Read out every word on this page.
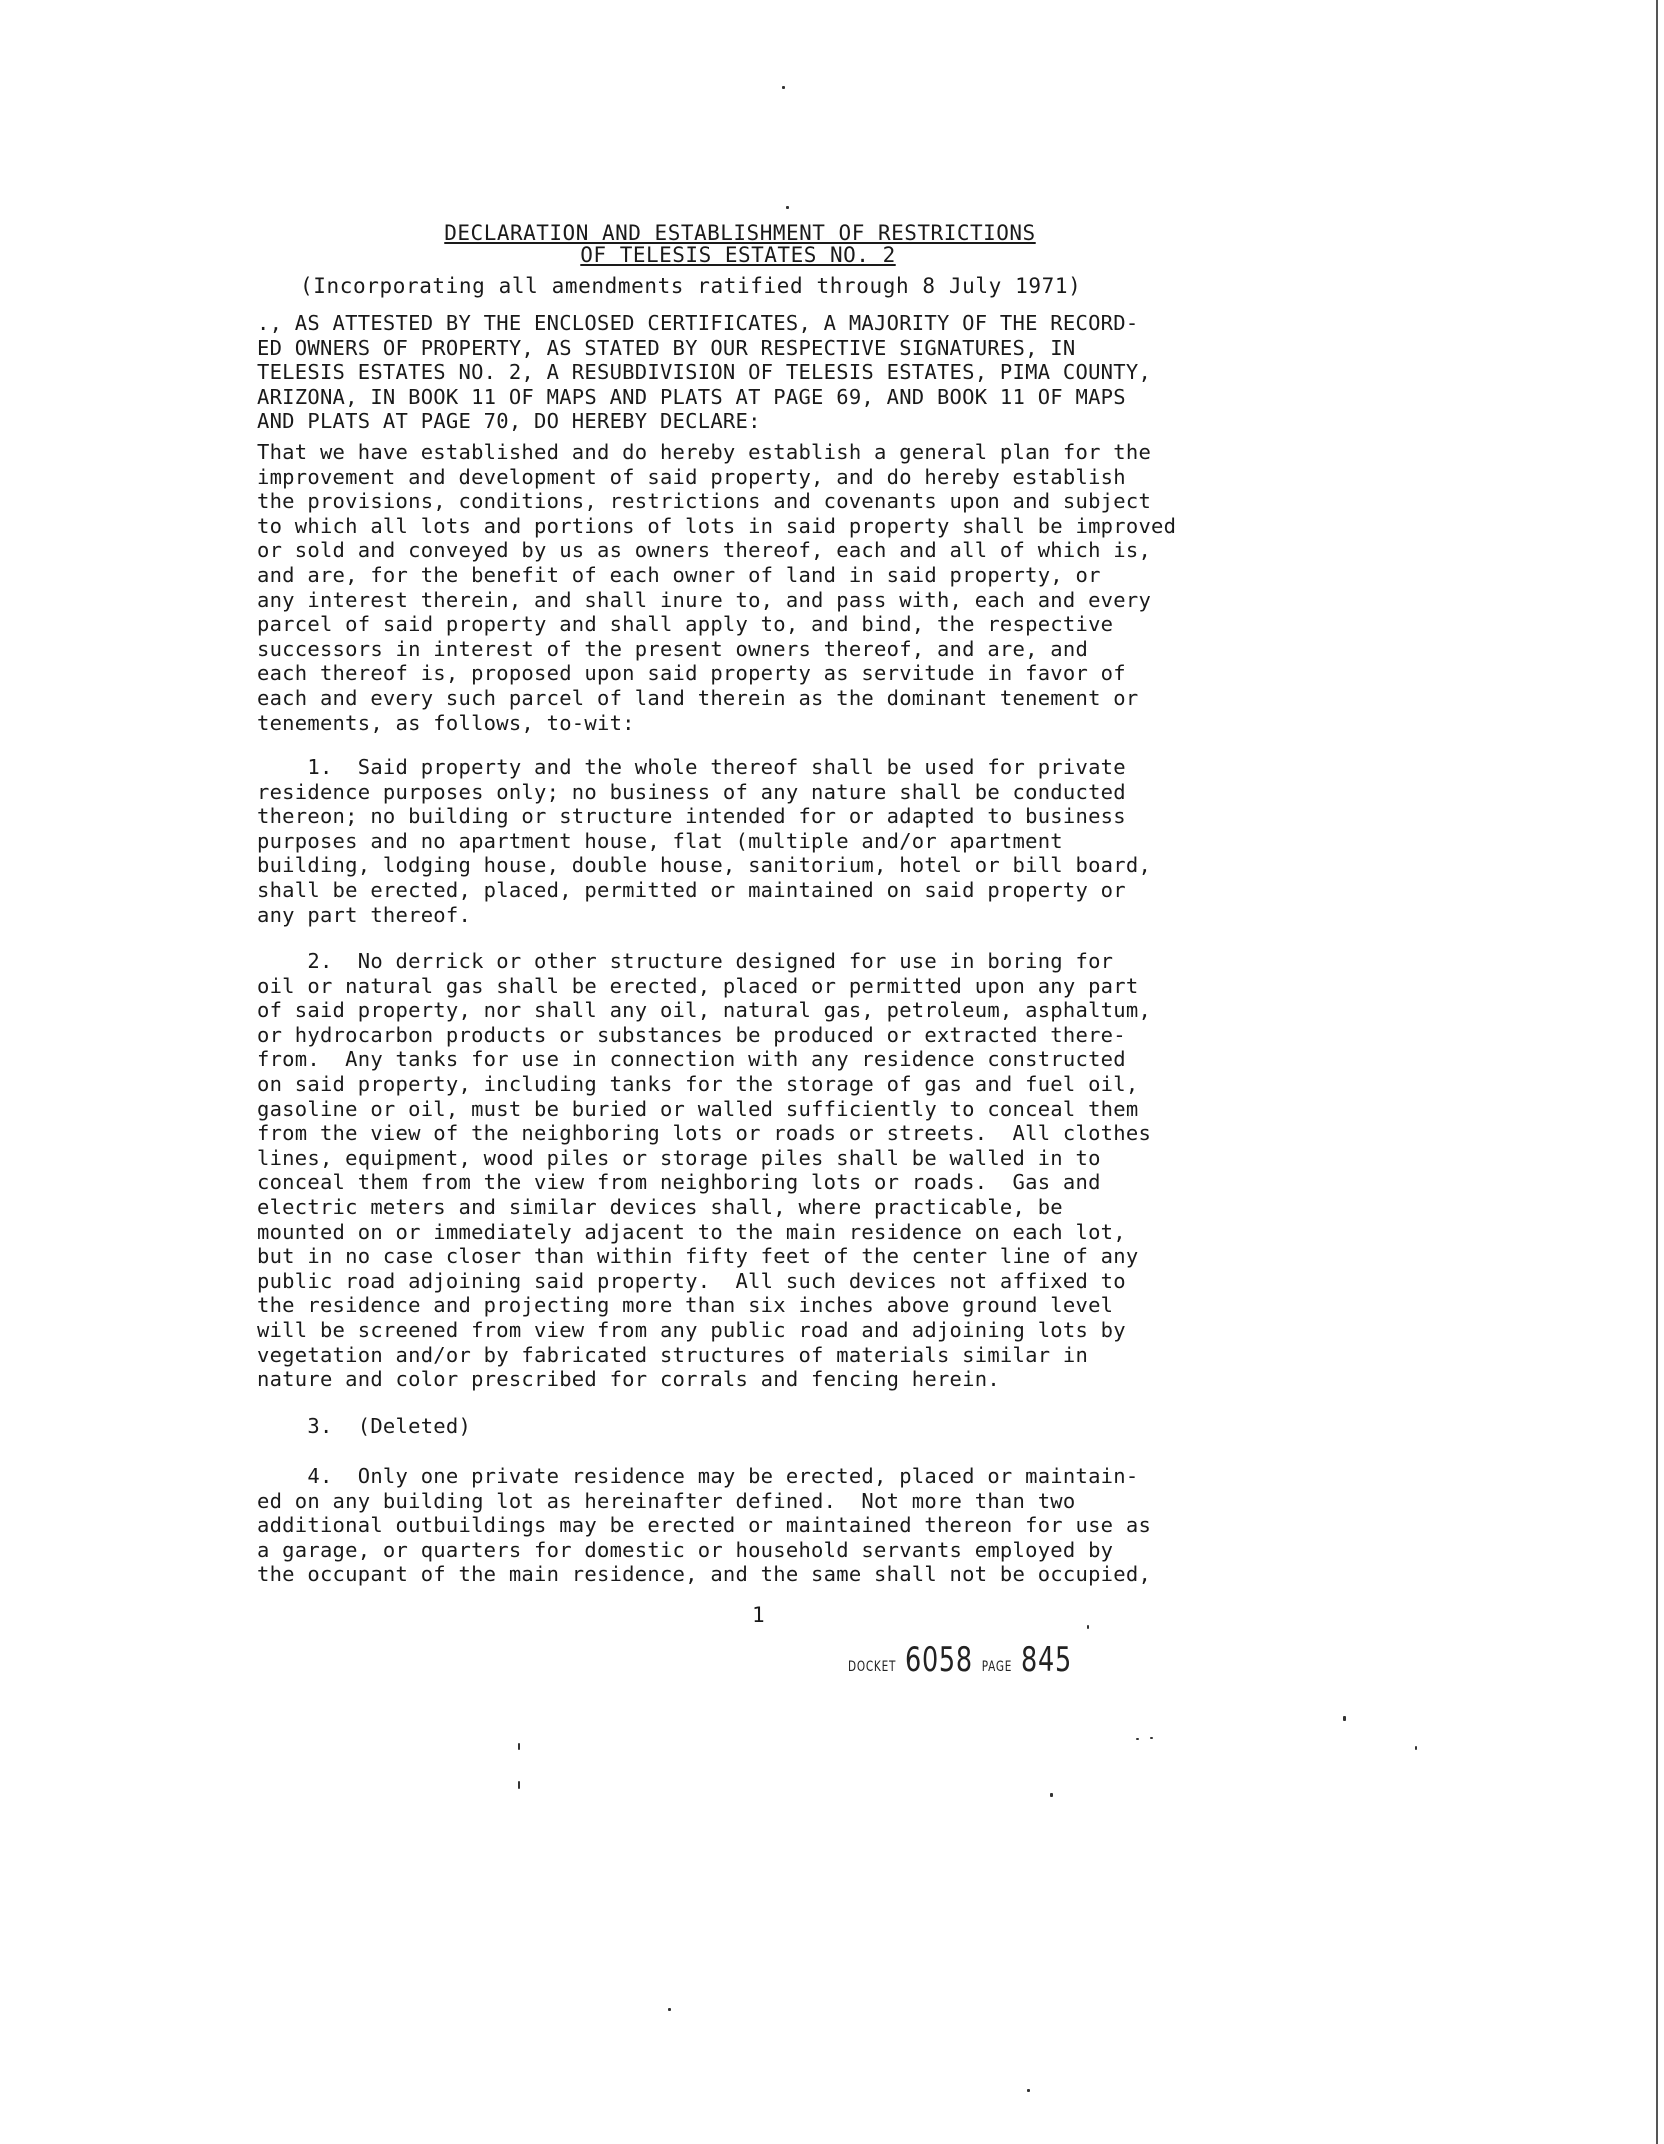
DECLARATION AND ESTABLISHMENT OF RESTRICTIONS
OF TELESIS ESTATES NO. 2
(Incorporating all amendments ratified through 8 July 1971)
., AS ATTESTED BY THE ENCLOSED CERTIFICATES, A MAJORITY OF THE RECORD-
ED OWNERS OF PROPERTY, AS STATED BY OUR RESPECTIVE SIGNATURES, IN
TELESIS ESTATES NO. 2, A RESUBDIVISION OF TELESIS ESTATES, PIMA COUNTY,
ARIZONA, IN BOOK 11 OF MAPS AND PLATS AT PAGE 69, AND BOOK 11 OF MAPS
AND PLATS AT PAGE 70, DO HEREBY DECLARE:
That we have established and do hereby establish a general plan for the
improvement and development of said property, and do hereby establish
the provisions, conditions, restrictions and covenants upon and subject
to which all lots and portions of lots in said property shall be improved
or sold and conveyed by us as owners thereof, each and all of which is,
and are, for the benefit of each owner of land in said property, or
any interest therein, and shall inure to, and pass with, each and every
parcel of said property and shall apply to, and bind, the respective
successors in interest of the present owners thereof, and are, and
each thereof is, proposed upon said property as servitude in favor of
each and every such parcel of land therein as the dominant tenement or
tenements, as follows, to-wit:
1.  Said property and the whole thereof shall be used for private
residence purposes only; no business of any nature shall be conducted
thereon; no building or structure intended for or adapted to business
purposes and no apartment house, flat (multiple and/or apartment
building, lodging house, double house, sanitorium, hotel or bill board,
shall be erected, placed, permitted or maintained on said property or
any part thereof.
2.  No derrick or other structure designed for use in boring for
oil or natural gas shall be erected, placed or permitted upon any part
of said property, nor shall any oil, natural gas, petroleum, asphaltum,
or hydrocarbon products or substances be produced or extracted there-
from.  Any tanks for use in connection with any residence constructed
on said property, including tanks for the storage of gas and fuel oil,
gasoline or oil, must be buried or walled sufficiently to conceal them
from the view of the neighboring lots or roads or streets.  All clothes
lines, equipment, wood piles or storage piles shall be walled in to
conceal them from the view from neighboring lots or roads.  Gas and
electric meters and similar devices shall, where practicable, be
mounted on or immediately adjacent to the main residence on each lot,
but in no case closer than within fifty feet of the center line of any
public road adjoining said property.  All such devices not affixed to
the residence and projecting more than six inches above ground level
will be screened from view from any public road and adjoining lots by
vegetation and/or by fabricated structures of materials similar in
nature and color prescribed for corrals and fencing herein.
3.  (Deleted)
4.  Only one private residence may be erected, placed or maintain-
ed on any building lot as hereinafter defined.  Not more than two
additional outbuildings may be erected or maintained thereon for use as
a garage, or quarters for domestic or household servants employed by
the occupant of the main residence, and the same shall not be occupied,
1
DOCKET 6058 PAGE 845
